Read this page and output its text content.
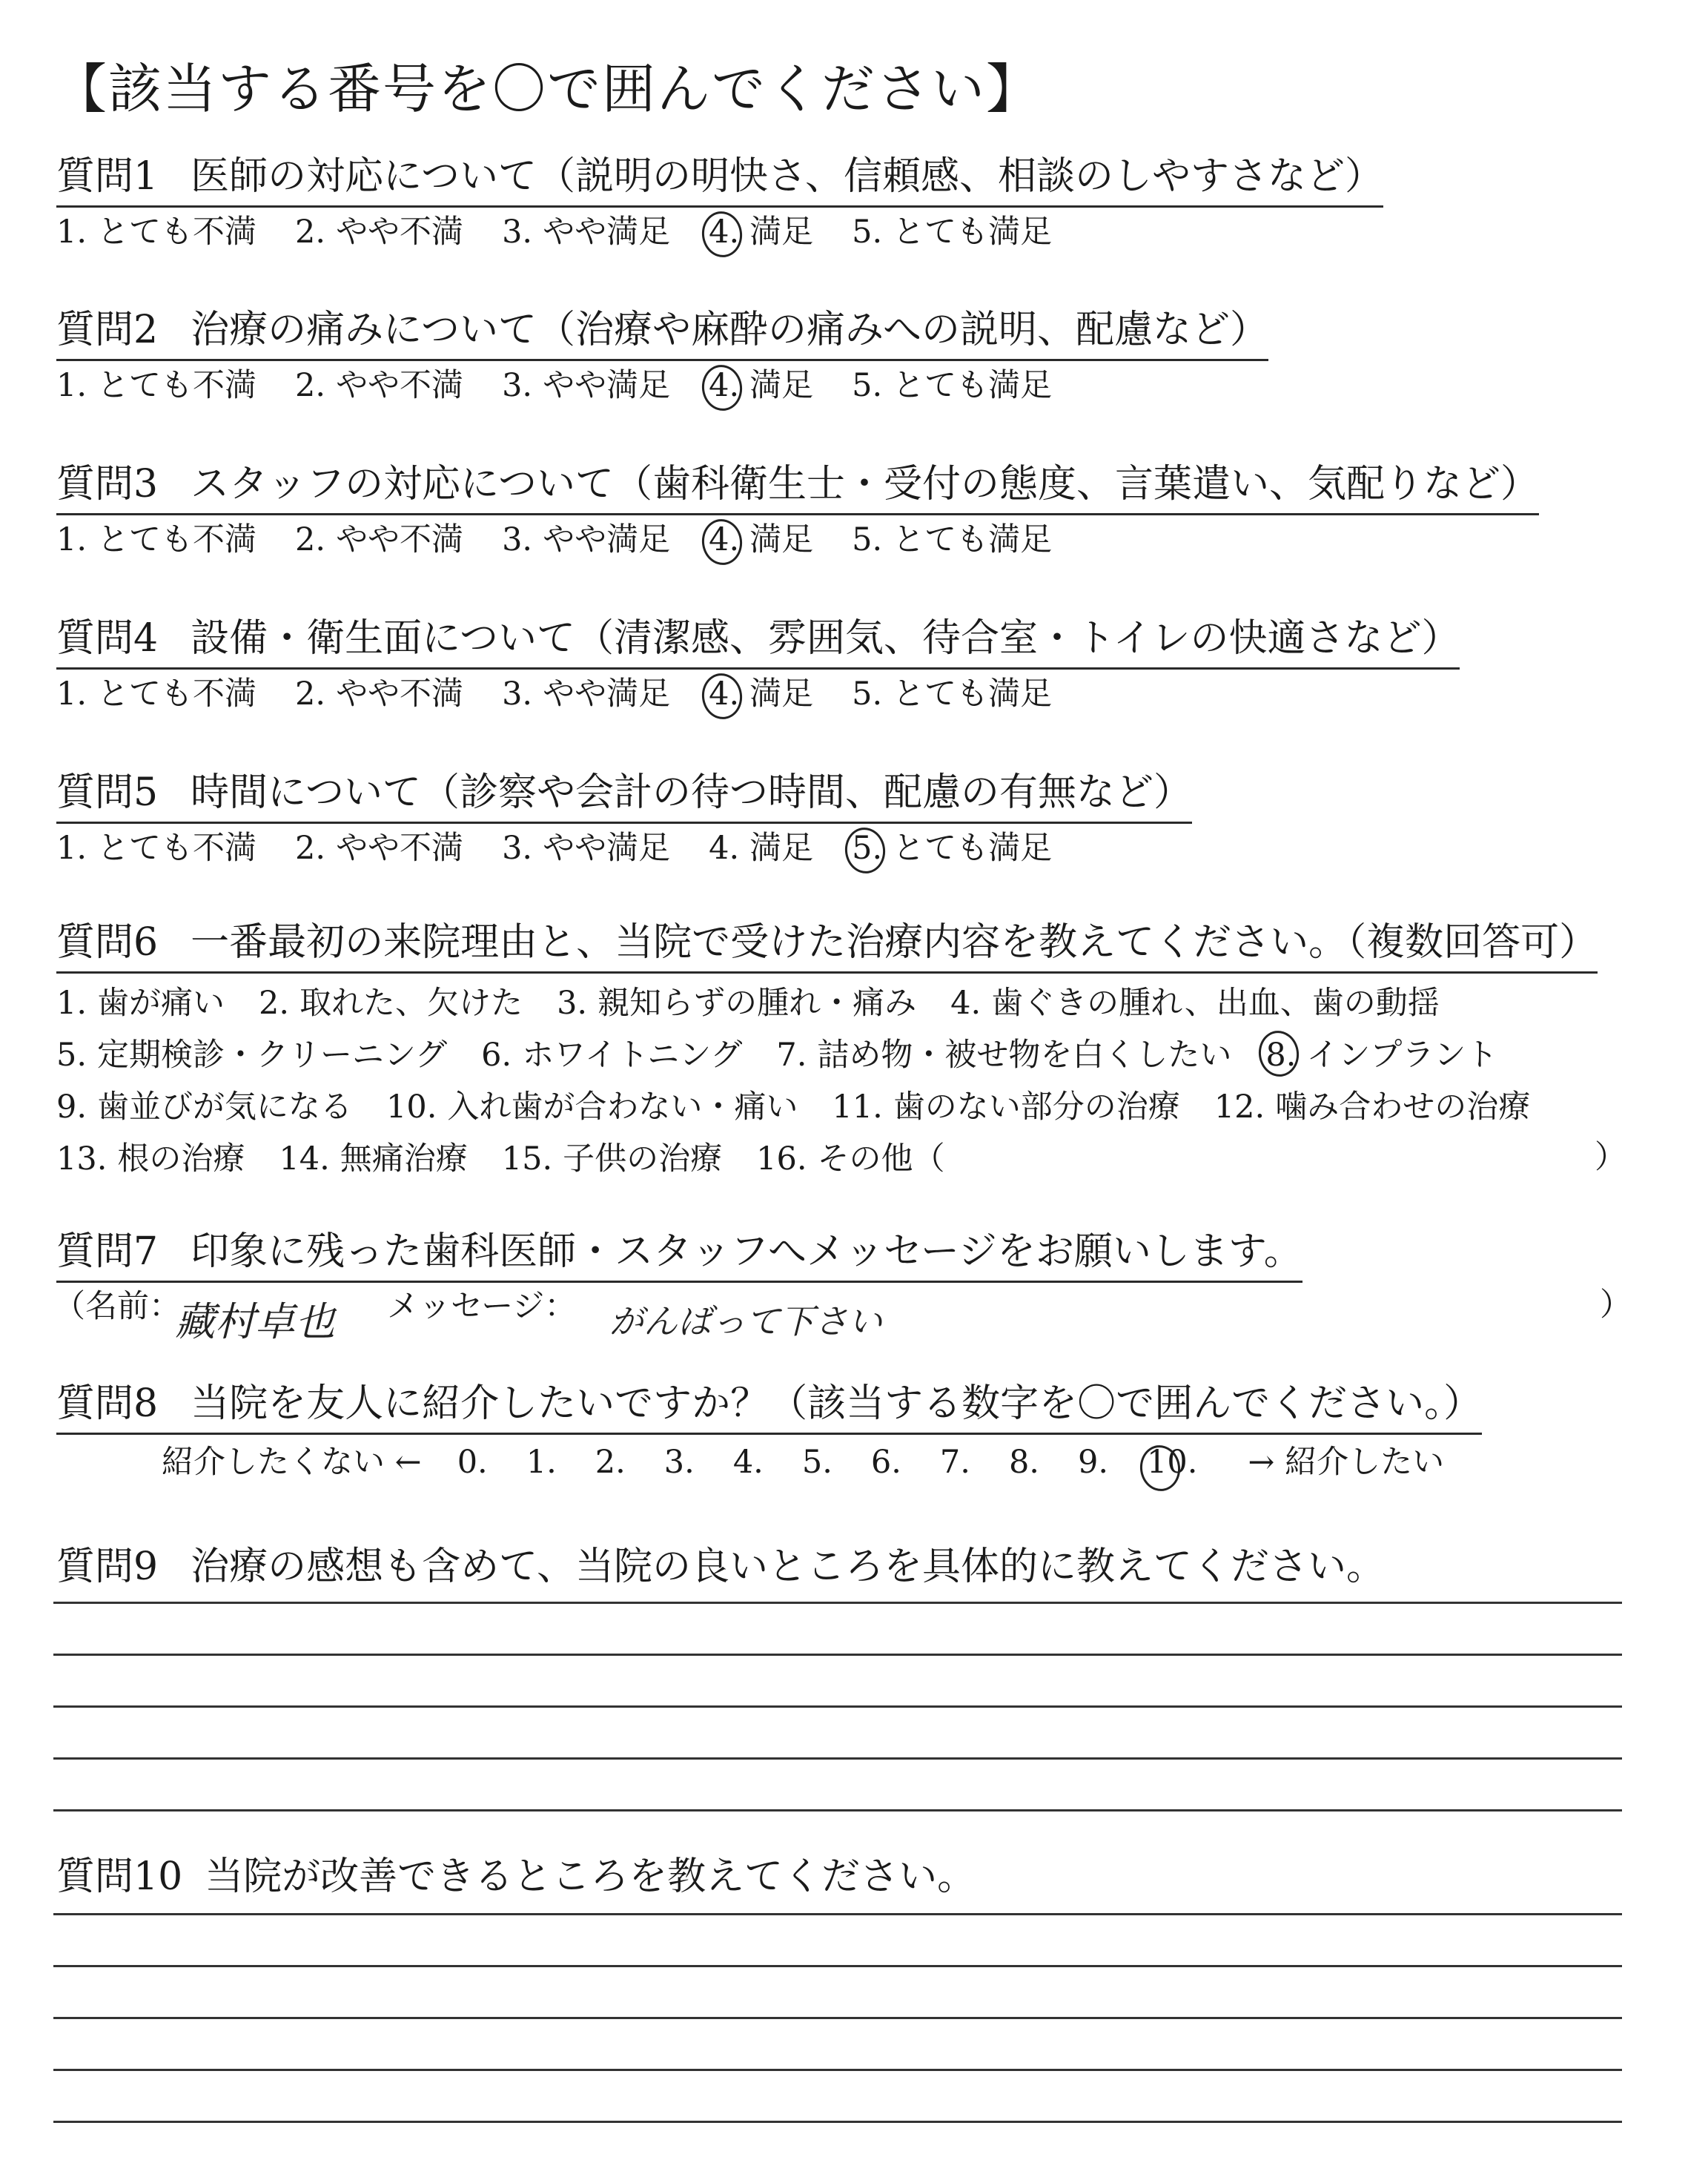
【該当する番号を〇で囲んでください】
質問1 医師の対応について（説明の明快さ、信頼感、相談のしやすさなど）
1. とても不満 2. やや不満 3. やや満足 4. 満足 5. とても満足
質問2 治療の痛みについて（治療や麻酔の痛みへの説明、配慮など）
1. とても不満 2. やや不満 3. やや満足 4. 満足 5. とても満足
質問3 スタッフの対応について（歯科衛生士・受付の態度、言葉遣い、気配りなど）
1. とても不満 2. やや不満 3. やや満足 4. 満足 5. とても満足
質問4 設備・衛生面について（清潔感、雰囲気、待合室・トイレの快適さなど）
1. とても不満 2. やや不満 3. やや満足 4. 満足 5. とても満足
質問5 時間について（診察や会計の待つ時間、配慮の有無など）
1. とても不満 2. やや不満 3. やや満足 4. 満足 5. とても満足
質問6 一番最初の来院理由と、当院で受けた治療内容を教えてください。（複数回答可）
1. 歯が痛い 2. 取れた、欠けた 3. 親知らずの腫れ・痛み 4. 歯ぐきの腫れ、出血、歯の動揺
5. 定期検診・クリーニング 6. ホワイトニング 7. 詰め物・被せ物を白くしたい 8. インプラント
9. 歯並びが気になる 10. 入れ歯が合わない・痛い 11. 歯のない部分の治療 12. 噛み合わせの治療
13. 根の治療 14. 無痛治療 15. 子供の治療 16. その他（	）
質問7 印象に残った歯科医師・スタッフへメッセージをお願いします。
（名前：
藏村卓也 メッセージ： がんばって下さい	）
質問8 当院を友人に紹介したいですか？（該当する数字を〇で囲んでください。）
紹介したくない ← 0. 1. 2. 3. 4. 5. 6. 7. 8. 9. 10. → 紹介したい
質問9 治療の感想も含めて、当院の良いところを具体的に教えてください。
質問10 当院が改善できるところを教えてください。
